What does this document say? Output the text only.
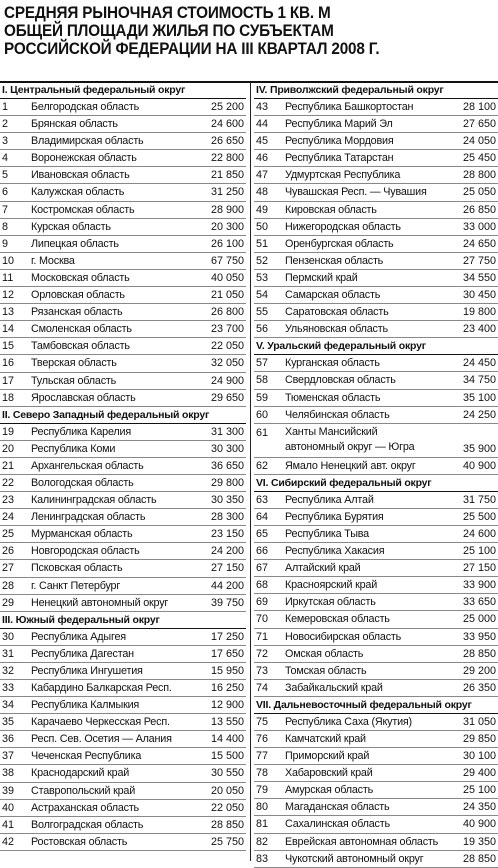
СРЕДНЯЯ РЫНОЧНАЯ СТОИМОСТЬ 1 КВ. М
ОБЩЕЙ ПЛОЩАДИ ЖИЛЬЯ ПО СУБЪЕКТАМ
РОССИЙСКОЙ ФЕДЕРАЦИИ НА III КВАРТАЛ 2008 Г.
I. Центральный федеральный округ
1 Белгородская область	25 200
2 Брянская область	24 600
3 Владимирская область	26 650
4 Воронежская область	22 800
5 Ивановская область	21 850
6 Калужская область	31 250
7 Костромская область	28 900
8 Курская область	20 300
9 Липецкая область	26 100
10 г. Москва	67 750
11 Московская область	40 050
12 Орловская область	21 050
13 Рязанская область	26 800
14 Смоленская область	23 700
15 Тамбовская область	22 050
16 Тверская область	32 050
17 Тульская область	24 900
18 Ярославская область	29 650
II. Северо Западный федеральный округ
19 Республика Карелия	31 300
20 Республика Коми	30 300
21 Архангельская область	36 650
22 Вологодская область	29 800
23 Калининградская область	30 350
24 Ленинградская область	28 300
25 Мурманская область	23 150
26 Новгородская область	24 200
27 Псковская область	27 150
28 г. Санкт Петербург	44 200
29 Ненецкий автономный округ	39 750
III. Южный федеральный округ
30 Республика Адыгея	17 250
31 Республика Дагестан	17 650
32 Республика Ингушетия	15 950
33 Кабардино Балкарская Респ.	16 250
34 Республика Калмыкия	12 900
35 Карачаево Черкесская Респ.	13 550
36 Респ. Сев. Осетия — Алания	14 400
37 Чеченская Республика	15 500
38 Краснодарский край	30 550
39 Ставропольский край	20 050
40 Астраханская область	22 050
41 Волгоградская область	28 850
42 Ростовская область	25 750
IV. Приволжский федеральный округ
43 Республика Башкортостан	28 100
44 Республика Марий Эл	27 650
45 Республика Мордовия	24 050
46 Республика Татарстан	25 450
47 Удмуртская Республика	28 800
48 Чувашская Респ. — Чувашия	25 050
49 Кировская область	26 850
50 Нижегородская область	33 000
51 Оренбургская область	24 650
52 Пензенская область	27 750
53 Пермский край	34 550
54 Самарская область	30 450
55 Саратовская область	19 800
56 Ульяновская область	23 400
V. Уральский федеральный округ
57 Курганская область	24 450
58 Свердловская область	34 750
59 Тюменская область	35 100
60 Челябинская область	24 250
61 Ханты Мансийский автономный округ — Югра	35 900
62 Ямало Ненецкий авт. округ	40 900
VI. Сибирский федеральный округ
63 Республика Алтай	31 750
64 Республика Бурятия	25 500
65 Республика Тыва	24 600
66 Республика Хакасия	25 100
67 Алтайский край	27 150
68 Красноярский край	33 900
69 Иркутская область	33 650
70 Кемеровская область	25 000
71 Новосибирская область	33 950
72 Омская область	28 850
73 Томская область	29 200
74 Забайкальский край	26 350
VII. Дальневосточный федеральный округ
75 Республика Саха (Якутия)	31 050
76 Камчатский край	29 850
77 Приморский край	30 100
78 Хабаровский край	29 400
79 Амурская область	25 100
80 Магаданская область	24 350
81 Сахалинская область	40 900
82 Еврейская автономная область 19 350
83 Чукотский автономный округ	28 850
